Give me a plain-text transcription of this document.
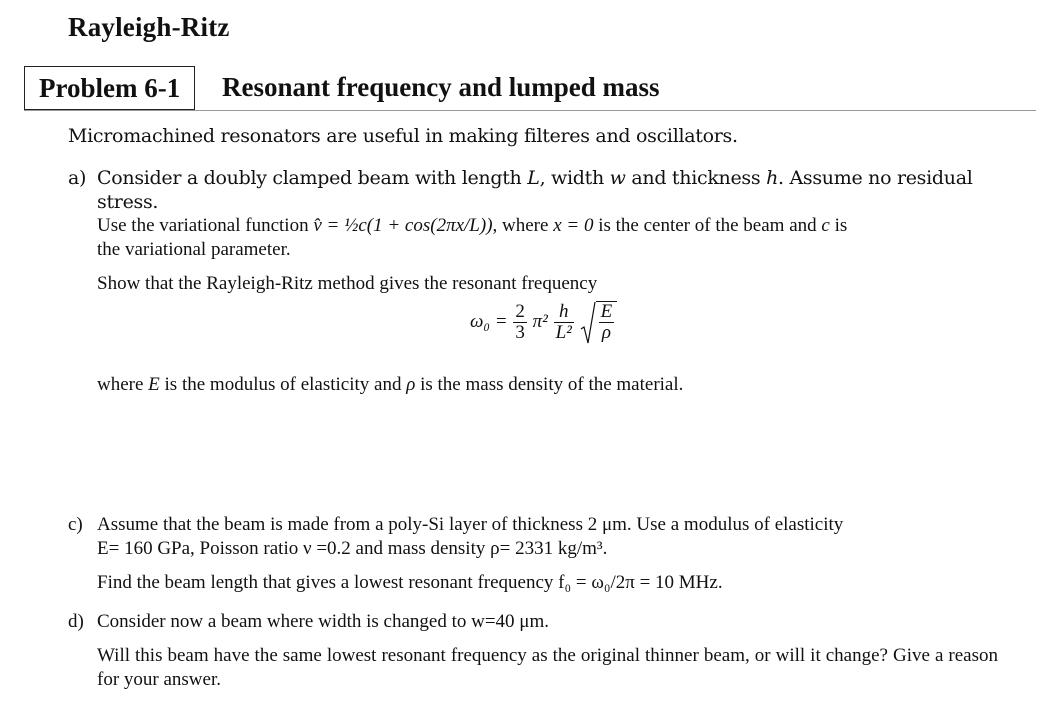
Rayleigh-Ritz
Problem 6-1	Resonant frequency and lumped mass
Micromachined resonators are useful in making filteres and oscillators.
a) Consider a doubly clamped beam with length L, width w and thickness h. Assume no residual stress.
Use the variational function v̂ = ½c(1 + cos(2πx/L)), where x = 0 is the center of the beam and c is
the variational parameter.
Show that the Rayleigh-Ritz method gives the resonant frequency
$\omega_0 = \frac{2}{3} \pi^2 \frac{h}{\text{L²}}$
$\frac{E}{\rho}$
where E is the modulus of elasticity and ρ is the mass density of the material.
c) Assume that the beam is made from a poly-Si layer of thickness 2 μm. Use a modulus of elasticity
E= 160 GPa, Poisson ratio ν =0.2 and mass density ρ= 2331 kg/m³.
Find the beam length that gives a lowest resonant frequency f₀ = ω₀/2π = 10 MHz.
d) Consider now a beam where width is changed to w=40 μm.
Will this beam have the same lowest resonant frequency as the original thinner beam, or will it change? Give a reason for your answer.
